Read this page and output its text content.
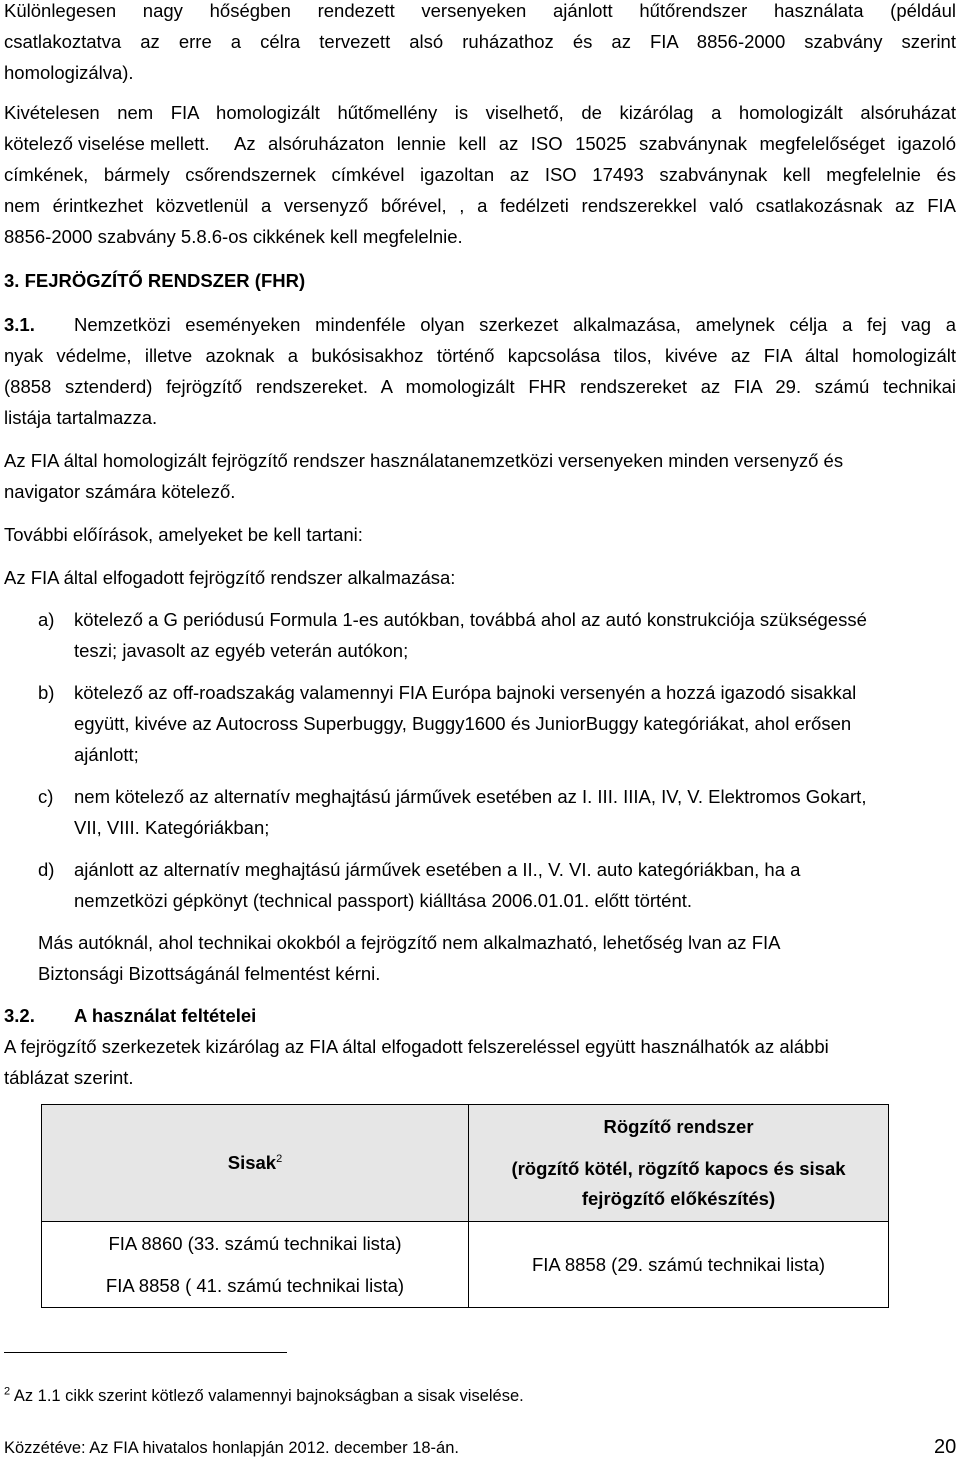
Különlegesen nagy hőségben rendezett versenyeken ajánlott hűtőrendszer használata (például
csatlakoztatva az erre a célra tervezett alsó ruházathoz és az FIA 8856-2000 szabvány szerint
homologizálva).
Kivételesen nem FIA homologizált hűtőmellény is viselhető, de kizárólag a homologizált alsóruházat
kötelező viselése mellett. Az alsóruházaton lennie kell az ISO 15025 szabványnak megfelelőséget igazoló
címkének, bármely csőrendszernek címkével igazoltan az ISO 17493 szabványnak kell megfelelnie és
nem érintkezhet közvetlenül a versenyző bőrével, , a fedélzeti rendszerekkel való csatlakozásnak az FIA
8856-2000 szabvány 5.8.6-os cikkének kell megfelelnie.
3. FEJRÖGZÍTŐ RENDSZER (FHR)
3.1. Nemzetközi eseményeken mindenféle olyan szerkezet alkalmazása, amelynek célja a fej vag a
nyak védelme, illetve azoknak a bukósisakhoz történő kapcsolása tilos, kivéve az FIA által homologizált
(8858 sztenderd) fejrögzítő rendszereket. A momologizált FHR rendszereket az FIA 29. számú technikai
listája tartalmazza.
Az FIA által homologizált fejrögzítő rendszer használatanemzetközi versenyeken minden versenyző és
navigator számára kötelező.
További előírások, amelyeket be kell tartani:
Az FIA által elfogadott fejrögzítő rendszer alkalmazása:
a) kötelező a G periódusú Formula 1-es autókban, továbbá ahol az autó konstrukciója szükségessé
teszi; javasolt az egyéb veterán autókon;
b) kötelező az off-roadszakág valamennyi FIA Európa bajnoki versenyén a hozzá igazodó sisakkal
együtt, kivéve az Autocross Superbuggy, Buggy1600 és JuniorBuggy kategóriákat, ahol erősen
ajánlott;
c) nem kötelező az alternatív meghajtású járművek esetében az I. III. IIIA, IV, V. Elektromos Gokart,
VII, VIII. Kategóriákban;
d) ajánlott az alternatív meghajtású járművek esetében a II., V. VI. auto kategóriákban, ha a
nemzetközi gépkönyt (technical passport) kiálltása 2006.01.01. előtt történt.
Más autóknál, ahol technikai okokból a fejrögzítő nem alkalmazható, lehetőség lvan az FIA
Biztonsági Bizottságánál felmentést kérni.
3.2. A használat feltételei
A fejrögzítő szerkezetek kizárólag az FIA által elfogadott felszereléssel együtt használhatók az alábbi
táblázat szerint.
Sisak$^2$	Rögzítő rendszer

(rögzítő kötél, rögzítő kapocs és sisak

fejrögzítő előkészítés)

FIA 8860 (33. számú technikai lista)
FIA 8858 ( 41. számú technikai lista)	FIA 8858 (29. számú technikai lista)
$^2$ Az 1.1 cikk szerint kötlező valamennyi bajnokságban a sisak viselése.
Közzétéve: Az FIA hivatalos honlapján 2012. december 18-án.	20
